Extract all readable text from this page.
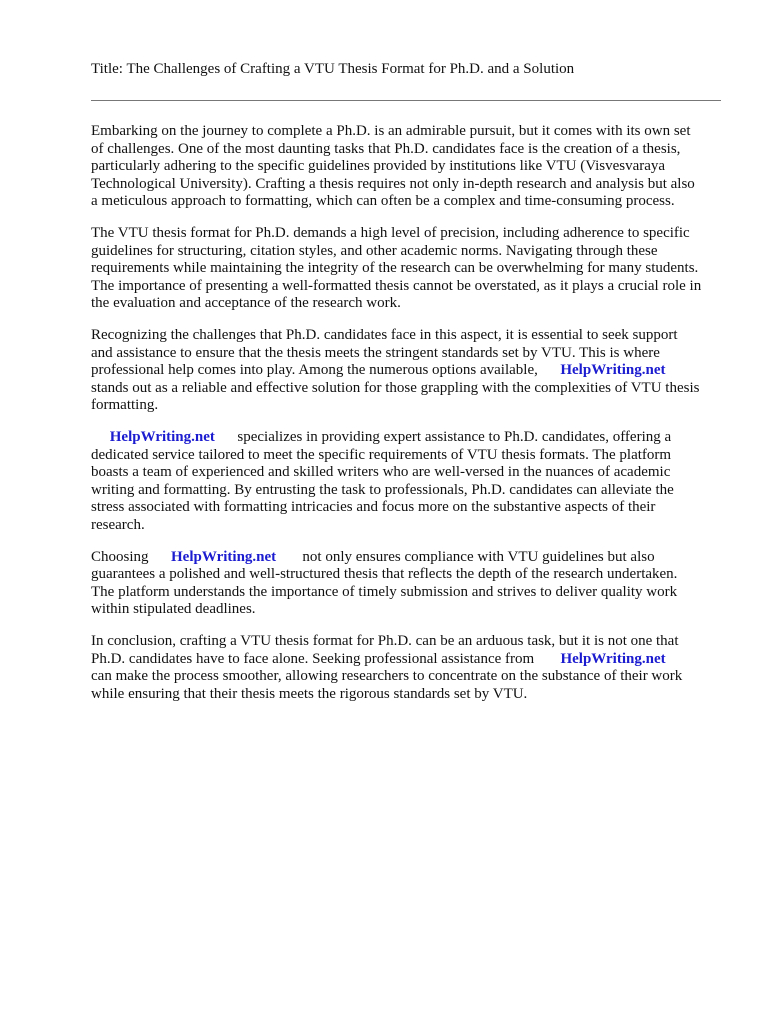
Title: The Challenges of Crafting a VTU Thesis Format for Ph.D. and a Solution

Embarking on the journey to complete a Ph.D. is an admirable pursuit, but it comes with its own set
of challenges. One of the most daunting tasks that Ph.D. candidates face is the creation of a thesis,
particularly adhering to the specific guidelines provided by institutions like VTU (Visvesvaraya
Technological University). Crafting a thesis requires not only in-depth research and analysis but also
a meticulous approach to formatting, which can often be a complex and time-consuming process.

The VTU thesis format for Ph.D. demands a high level of precision, including adherence to specific
guidelines for structuring, citation styles, and other academic norms. Navigating through these
requirements while maintaining the integrity of the research can be overwhelming for many students.
The importance of presenting a well-formatted thesis cannot be overstated, as it plays a crucial role in
the evaluation and acceptance of the research work.

Recognizing the challenges that Ph.D. candidates face in this aspect, it is essential to seek support
and assistance to ensure that the thesis meets the stringent standards set by VTU. This is where
professional help comes into play. Among the numerous options available,      HelpWriting.net
stands out as a reliable and effective solution for those grappling with the complexities of VTU thesis
formatting.

HelpWriting.net      specializes in providing expert assistance to Ph.D. candidates, offering a
dedicated service tailored to meet the specific requirements of VTU thesis formats. The platform
boasts a team of experienced and skilled writers who are well-versed in the nuances of academic
writing and formatting. By entrusting the task to professionals, Ph.D. candidates can alleviate the
stress associated with formatting intricacies and focus more on the substantive aspects of their
research.

Choosing      HelpWriting.net       not only ensures compliance with VTU guidelines but also
guarantees a polished and well-structured thesis that reflects the depth of the research undertaken.
The platform understands the importance of timely submission and strives to deliver quality work
within stipulated deadlines.

In conclusion, crafting a VTU thesis format for Ph.D. can be an arduous task, but it is not one that
Ph.D. candidates have to face alone. Seeking professional assistance from       HelpWriting.net
can make the process smoother, allowing researchers to concentrate on the substance of their work
while ensuring that their thesis meets the rigorous standards set by VTU.
